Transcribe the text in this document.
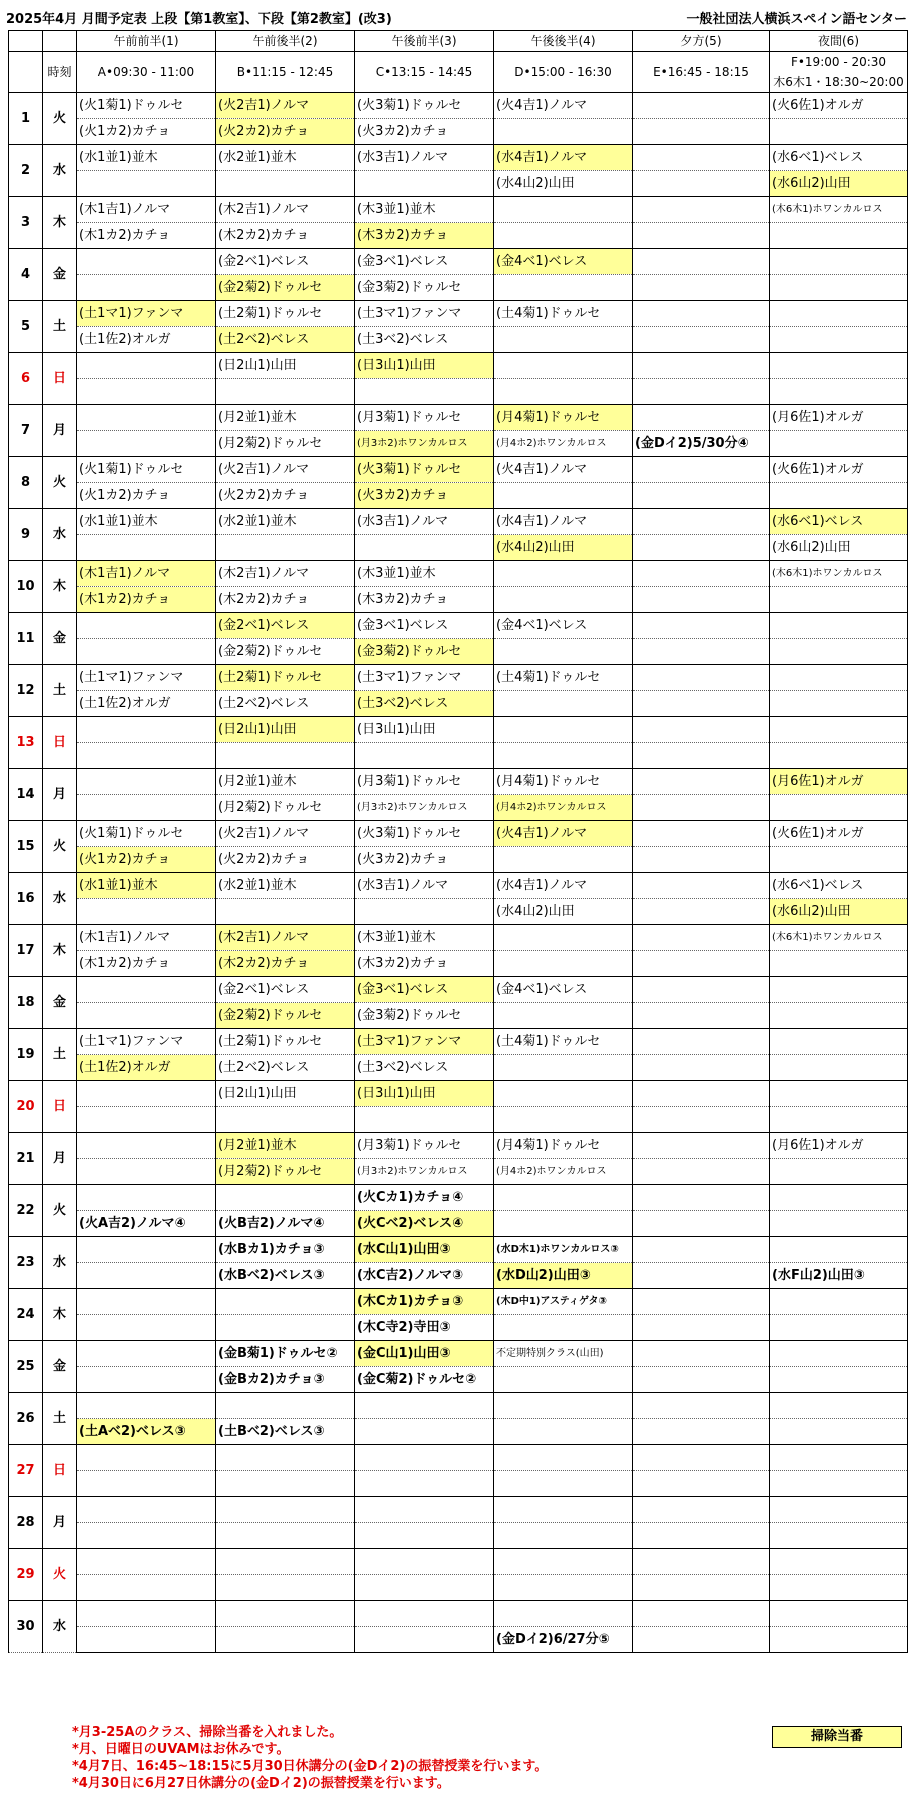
2025年4月 月間予定表 上段【第1教室】、下段【第2教室】(改3)	一般社団法人横浜スペイン語センター
		午前前半(1)	午前後半(2)	午後前半(3)	午後後半(4)	夕方(5)	夜間(6)
	時刻	A•09:30 - 11:00	B•11:15 - 12:45	C•13:15 - 14:45	D•15:00 - 16:30	E•16:45 - 18:15	F•19:00 - 20:30
木6木1・18:30~20:00

1	火	(火1菊1)ドゥルセ	(火2吉1)ノルマ	(火3菊1)ドゥルセ	(火4吉1)ノルマ		(火6佐1)オルガ
		(火1カ2)カチョ	(火2カ2)カチョ	(火3カ2)カチョ			
2	水	(水1並1)並木	(水2並1)並木	(水3吉1)ノルマ	(水4吉1)ノルマ		(水6ベ1)ベレス
					(水4山2)山田		(水6山2)山田
3	木	(木1吉1)ノルマ	(木2吉1)ノルマ	(木3並1)並木			(木6木1)ホワンカルロス
		(木1カ2)カチョ	(木2カ2)カチョ	(木3カ2)カチョ			
4	金		(金2ベ1)ベレス	(金3ベ1)ベレス	(金4ベ1)ベレス		
			(金2菊2)ドゥルセ	(金3菊2)ドゥルセ			
5	土	(土1マ1)ファンマ	(土2菊1)ドゥルセ	(土3マ1)ファンマ	(土4菊1)ドゥルセ		
		(土1佐2)オルガ	(土2ベ2)ベレス	(土3ベ2)ベレス			
6	日		(日2山1)山田	(日3山1)山田			

7	月		(月2並1)並木	(月3菊1)ドゥルセ	(月4菊1)ドゥルセ		(月6佐1)オルガ
			(月2菊2)ドゥルセ	(月3ホ2)ホワンカルロス	(月4ホ2)ホワンカルロス	(金Dイ2)5/30分④	
8	火	(火1菊1)ドゥルセ	(火2吉1)ノルマ	(火3菊1)ドゥルセ	(火4吉1)ノルマ		(火6佐1)オルガ
		(火1カ2)カチョ	(火2カ2)カチョ	(火3カ2)カチョ			
9	水	(水1並1)並木	(水2並1)並木	(水3吉1)ノルマ	(水4吉1)ノルマ		(水6ベ1)ベレス
					(水4山2)山田		(水6山2)山田
10	木	(木1吉1)ノルマ	(木2吉1)ノルマ	(木3並1)並木			(木6木1)ホワンカルロス
		(木1カ2)カチョ	(木2カ2)カチョ	(木3カ2)カチョ			
11	金		(金2ベ1)ベレス	(金3ベ1)ベレス	(金4ベ1)ベレス		
			(金2菊2)ドゥルセ	(金3菊2)ドゥルセ			
12	土	(土1マ1)ファンマ	(土2菊1)ドゥルセ	(土3マ1)ファンマ	(土4菊1)ドゥルセ		
		(土1佐2)オルガ	(土2ベ2)ベレス	(土3ベ2)ベレス			
13	日		(日2山1)山田	(日3山1)山田			

14	月		(月2並1)並木	(月3菊1)ドゥルセ	(月4菊1)ドゥルセ		(月6佐1)オルガ
			(月2菊2)ドゥルセ	(月3ホ2)ホワンカルロス	(月4ホ2)ホワンカルロス		
15	火	(火1菊1)ドゥルセ	(火2吉1)ノルマ	(火3菊1)ドゥルセ	(火4吉1)ノルマ		(火6佐1)オルガ
		(火1カ2)カチョ	(火2カ2)カチョ	(火3カ2)カチョ			
16	水	(水1並1)並木	(水2並1)並木	(水3吉1)ノルマ	(水4吉1)ノルマ		(水6ベ1)ベレス
					(水4山2)山田		(水6山2)山田
17	木	(木1吉1)ノルマ	(木2吉1)ノルマ	(木3並1)並木			(木6木1)ホワンカルロス
		(木1カ2)カチョ	(木2カ2)カチョ	(木3カ2)カチョ			
18	金		(金2ベ1)ベレス	(金3ベ1)ベレス	(金4ベ1)ベレス		
			(金2菊2)ドゥルセ	(金3菊2)ドゥルセ			
19	土	(土1マ1)ファンマ	(土2菊1)ドゥルセ	(土3マ1)ファンマ	(土4菊1)ドゥルセ		
		(土1佐2)オルガ	(土2ベ2)ベレス	(土3ベ2)ベレス			
20	日		(日2山1)山田	(日3山1)山田			

21	月		(月2並1)並木	(月3菊1)ドゥルセ	(月4菊1)ドゥルセ		(月6佐1)オルガ
			(月2菊2)ドゥルセ	(月3ホ2)ホワンカルロス	(月4ホ2)ホワンカルロス		
22	火			(火Cカ1)カチョ④			
		(火A吉2)ノルマ④	(火B吉2)ノルマ④	(火Cベ2)ベレス④			
23	水		(水Bカ1)カチョ③	(水C山1)山田③	(水D木1)ホワンカルロス③		
			(水Bベ2)ベレス③	(水C吉2)ノルマ③	(水D山2)山田③		(水F山2)山田③
24	木			(木Cカ1)カチョ③	(木D中1)アスティゲタ③		
				(木C寺2)寺田③			
25	金		(金B菊1)ドゥルセ②	(金C山1)山田③	不定期特別クラス(山田)		
			(金Bカ2)カチョ③	(金C菊2)ドゥルセ②			
26	土						
		(土Aベ2)ベレス③	(土Bベ2)ベレス③				
27	日						

28	月						

29	火						

30	水						
					(金Dイ2)6/27分⑤		
*月3-25Aのクラス、掃除当番を入れました。
*月、日曜日のUVAMはお休みです。
*4月7日、16:45~18:15に5月30日休講分の(金Dイ2)の振替授業を行います。
*4月30日に6月27日休講分の(金Dイ2)の振替授業を行います。
掃除当番
